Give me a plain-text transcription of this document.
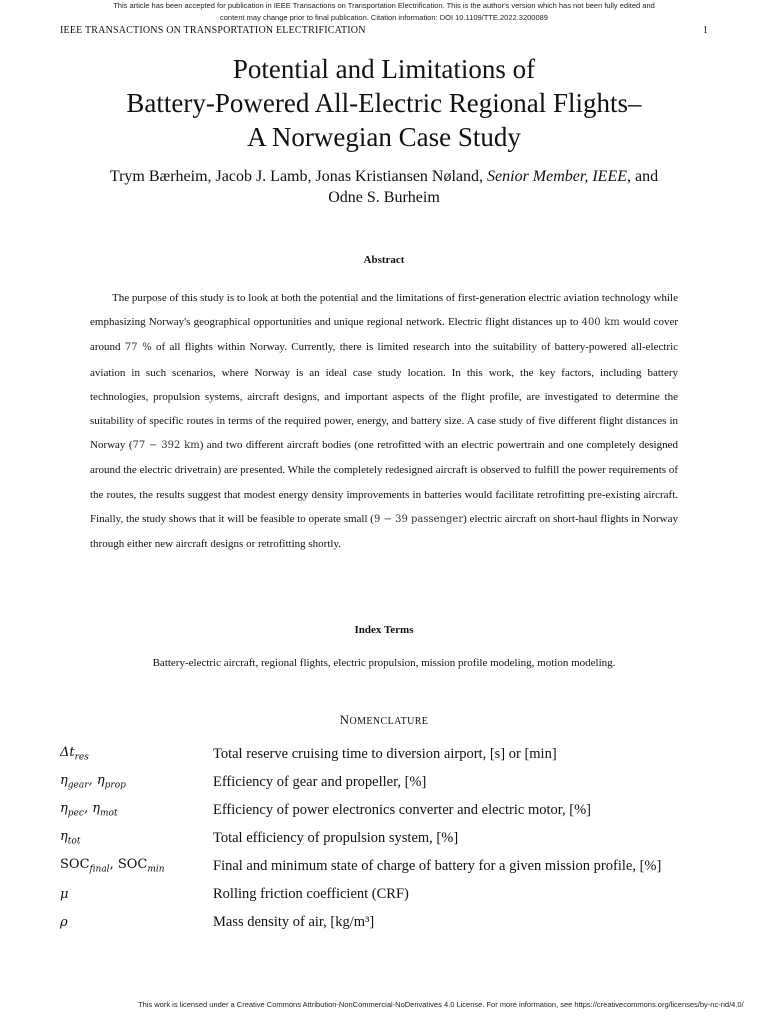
This article has been accepted for publication in IEEE Transactions on Transportation Electrification. This is the author's version which has not been fully edited and
content may change prior to final publication. Citation information: DOI 10.1109/TTE.2022.3200089
IEEE TRANSACTIONS ON TRANSPORTATION ELECTRIFICATION	1
Potential and Limitations of
Battery-Powered All-Electric Regional Flights–
A Norwegian Case Study
Trym Bærheim, Jacob J. Lamb, Jonas Kristiansen Nøland, Senior Member, IEEE, and
Odne S. Burheim
Abstract

The purpose of this study is to look at both the potential and the limitations of first-generation electric aviation technology while emphasizing Norway's geographical opportunities and unique regional network. Electric flight distances up to 400 km would cover around 77 % of all flights within Norway. Currently, there is limited research into the suitability of battery-powered all-electric aviation in such scenarios, where Norway is an ideal case study location. In this work, the key factors, including battery technologies, propulsion systems, aircraft designs, and important aspects of the flight profile, are investigated to determine the suitability of specific routes in terms of the required power, energy, and battery size. A case study of five different flight distances in Norway (77 − 392 km) and two different aircraft bodies (one retrofitted with an electric powertrain and one completely designed around the electric drivetrain) are presented. While the completely redesigned aircraft is observed to fulfill the power requirements of the routes, the results suggest that modest energy density improvements in batteries would facilitate retrofitting pre-existing aircraft. Finally, the study shows that it will be feasible to operate small (9 − 39 passenger) electric aircraft on short-haul flights in Norway through either new aircraft designs or retrofitting shortly.

Index Terms
Battery-electric aircraft, regional flights, electric propulsion, mission profile modeling, motion modeling.
NOMENCLATURE
$\Delta t_{res}$	Total reserve cruising time to diversion airport, [s] or [min]
$\eta_{gear}$, $\eta_{prop}$	Efficiency of gear and propeller, [%]
$\eta_{pec}$, $\eta_{mot}$	Efficiency of power electronics converter and electric motor, [%]
$\eta_{tot}$	Total efficiency of propulsion system, [%]
$SOC_{final}$, $SOC_{min}$	Final and minimum state of charge of battery for a given mission profile, [%]
μ	Rolling friction coefficient (CRF)
ρ	Mass density of air, [kg/m³]
This work is licensed under a Creative Commons Attribution-NonCommercial-NoDerivatives 4.0 License. For more information, see https://creativecommons.org/licenses/by-nc-nd/4.0/
